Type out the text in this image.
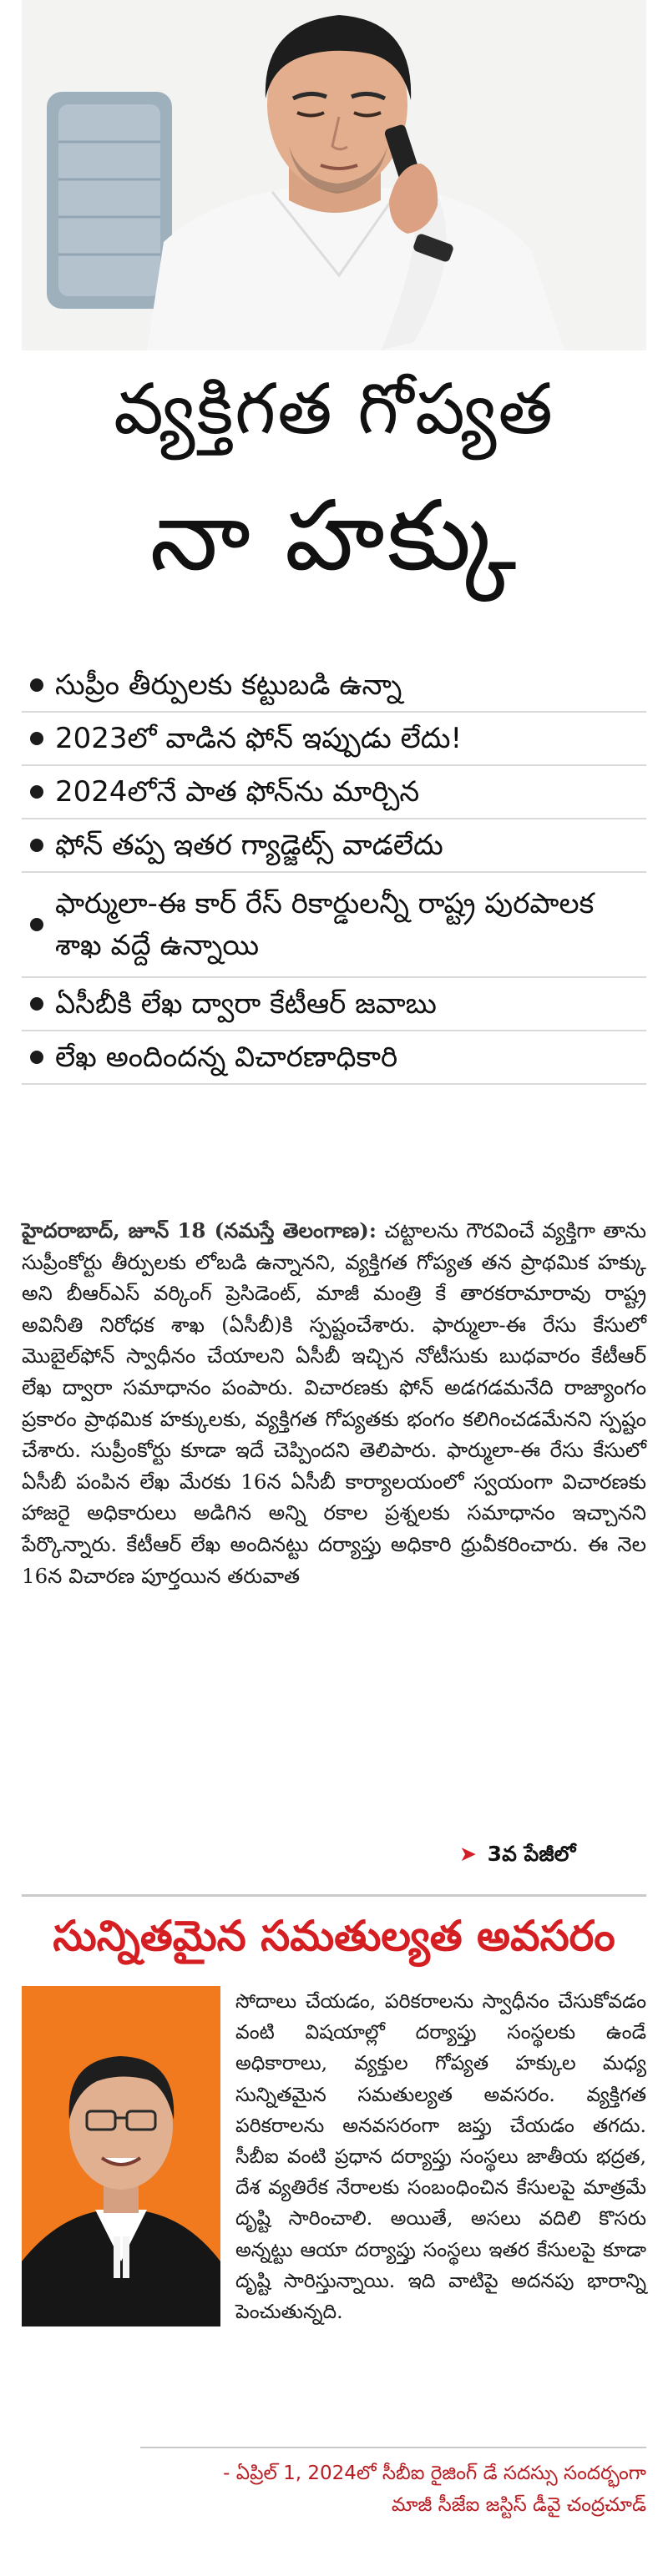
వ్యక్తిగత గోప్యత
నా హక్కు
సుప్రీం తీర్పులకు కట్టుబడి ఉన్నా
2023లో వాడిన ఫోన్ ఇప్పుడు లేదు!
2024లోనే పాత ఫోన్‌ను మార్చిన
ఫోన్ తప్ప ఇతర గ్యాడ్జెట్స్ వాడలేదు
ఫార్ములా-ఈ కార్ రేస్ రికార్డులన్నీ రాష్ట్ర పురపాలక శాఖ వద్దే ఉన్నాయి
ఏసీబీకి లేఖ ద్వారా కేటీఆర్ జవాబు
లేఖ అందిందన్న విచారణాధికారి

హైదరాబాద్, జూన్ 18 (నమస్తే తెలంగాణ): చట్టాలను గౌరవించే వ్యక్తిగా తాను సుప్రీంకోర్టు తీర్పులకు లోబడి ఉన్నానని, వ్యక్తిగత గోప్యత తన ప్రాథమిక హక్కు అని బీఆర్ఎస్ వర్కింగ్ ప్రెసిడెంట్, మాజీ మంత్రి కే తారకరామారావు రాష్ట్ర అవినీతి నిరోధక శాఖ (ఏసీబీ)కి స్పష్టంచేశారు. ఫార్ములా-ఈ రేసు కేసులో మొబైల్‌ఫోన్ స్వాధీనం చేయాలని ఏసీబీ ఇచ్చిన నోటీసుకు బుధవారం కేటీఆర్ లేఖ ద్వారా సమాధానం పంపారు. విచారణకు ఫోన్ అడగడమనేది రాజ్యాంగం ప్రకారం ప్రాథమిక హక్కులకు, వ్యక్తిగత గోప్యతకు భంగం కలిగించడమేనని స్పష్టం చేశారు. సుప్రీంకోర్టు కూడా ఇదే చెప్పిందని తెలిపారు. ఫార్ములా-ఈ రేసు కేసులో ఏసీబీ పంపిన లేఖ మేరకు 16న ఏసీబీ కార్యాలయంలో స్వయంగా విచారణకు హాజరై అధికారులు అడిగిన అన్ని రకాల ప్రశ్నలకు సమాధానం ఇచ్చానని పేర్కొన్నారు. కేటీఆర్ లేఖ అందినట్టు దర్యాప్తు అధికారి ధ్రువీకరించారు. ఈ నెల 16న విచారణ పూర్తయిన తరువాత

➤ 3వ పేజీలో
సున్నితమైన సమతుల్యత అవసరం

సోదాలు చేయడం, పరికరాలను స్వాధీనం చేసుకోవడం వంటి విషయాల్లో దర్యాప్తు సంస్థలకు ఉండే అధికారాలు, వ్యక్తుల గోప్యత హక్కుల మధ్య సున్నితమైన సమతుల్యత అవసరం. వ్యక్తిగత పరికరాలను అనవసరంగా జప్తు చేయడం తగదు. సీబీఐ వంటి ప్రధాన దర్యాప్తు సంస్థలు జాతీయ భద్రత, దేశ వ్యతిరేక నేరాలకు సంబంధించిన కేసులపై మాత్రమే దృష్టి సారించాలి. అయితే, అసలు వదిలి కొసరు అన్నట్టు ఆయా దర్యాప్తు సంస్థలు ఇతర కేసులపై కూడా దృష్టి సారిస్తున్నాయి. ఇది వాటిపై అదనపు భారాన్ని పెంచుతున్నది.

- ఏప్రిల్ 1, 2024లో సీబీఐ రైజింగ్ డే సదస్సు సందర్భంగా
మాజీ సీజేఐ జస్టిస్ డీవై చంద్రచూడ్
